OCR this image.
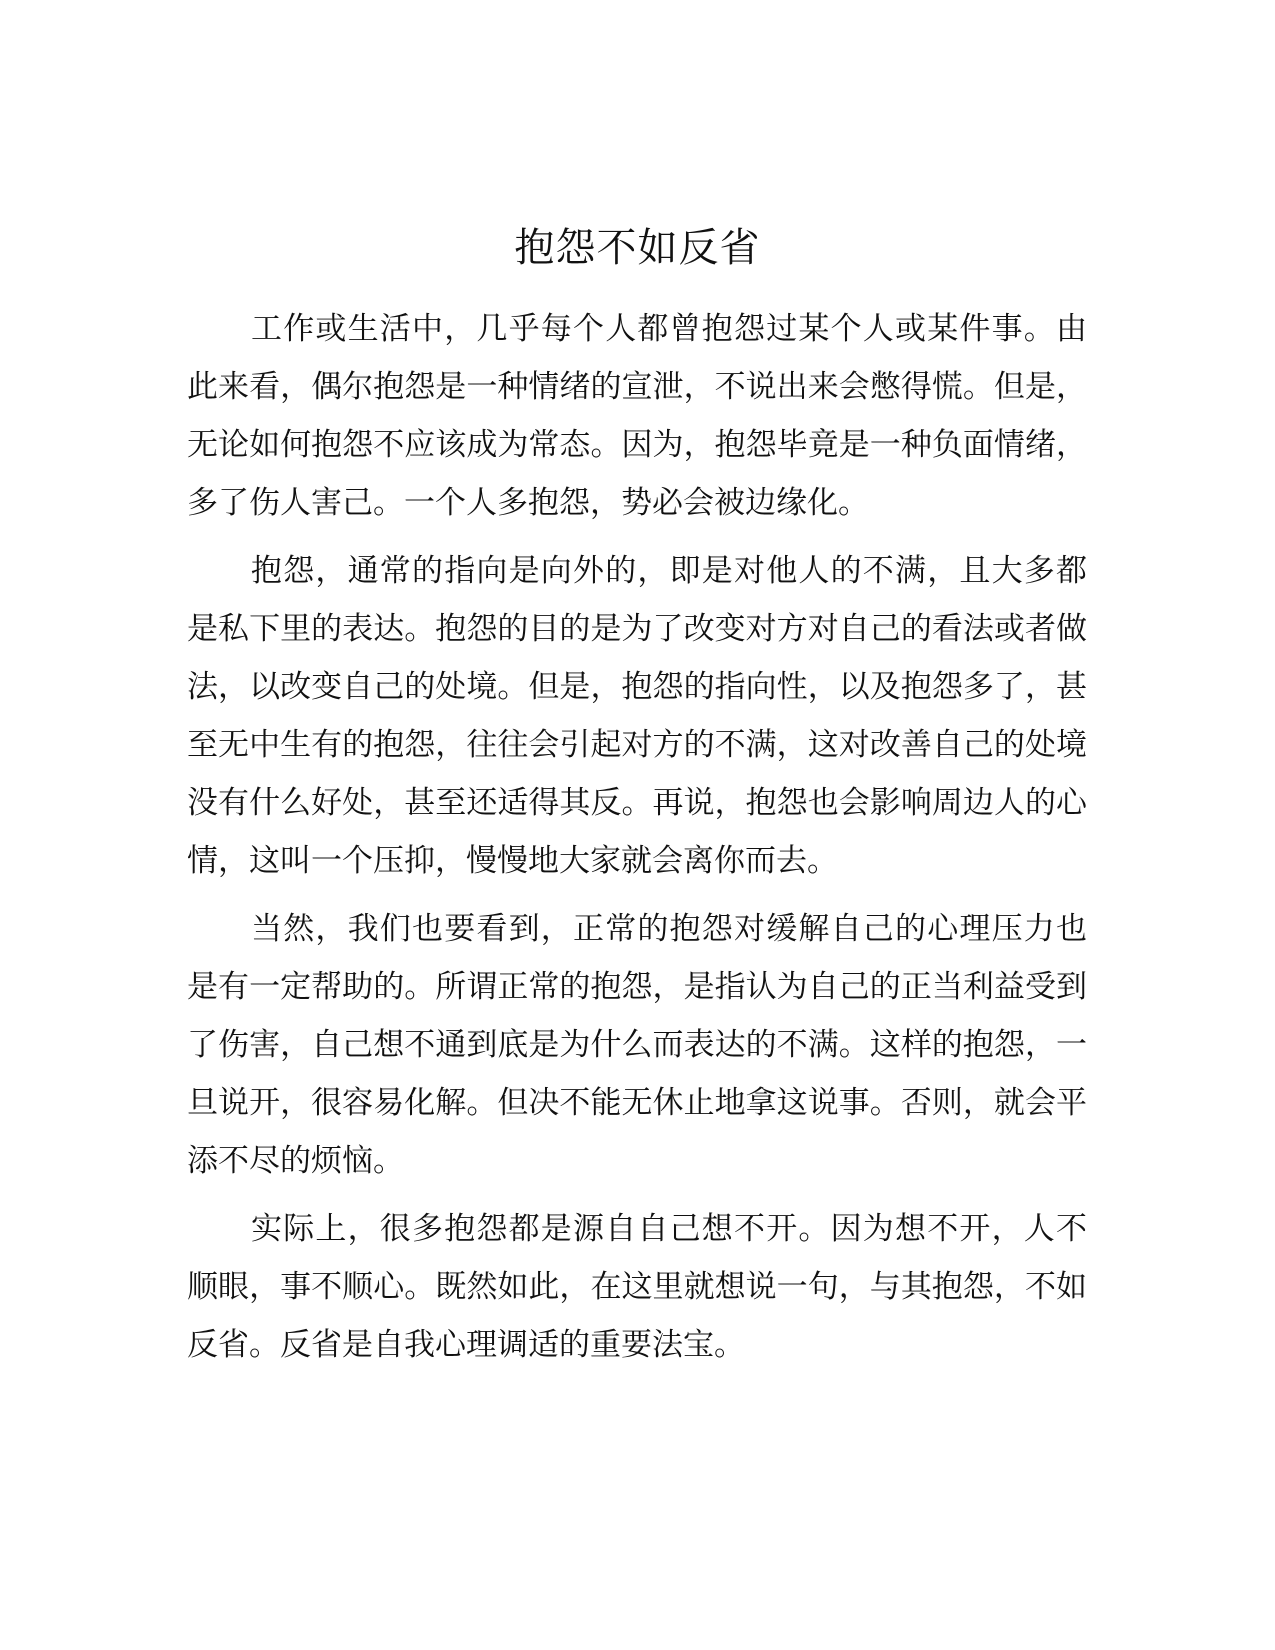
抱怨不如反省

工作或生活中，几乎每个人都曾抱怨过某个人或某件事。由此来看，偶尔抱怨是一种情绪的宣泄，不说出来会憋得慌。但是，无论如何抱怨不应该成为常态。因为，抱怨毕竟是一种负面情绪，多了伤人害己。一个人多抱怨，势必会被边缘化。

抱怨，通常的指向是向外的，即是对他人的不满，且大多都是私下里的表达。抱怨的目的是为了改变对方对自己的看法或者做法，以改变自己的处境。但是，抱怨的指向性，以及抱怨多了，甚至无中生有的抱怨，往往会引起对方的不满，这对改善自己的处境没有什么好处，甚至还适得其反。再说，抱怨也会影响周边人的心情，这叫一个压抑，慢慢地大家就会离你而去。

当然，我们也要看到，正常的抱怨对缓解自己的心理压力也是有一定帮助的。所谓正常的抱怨，是指认为自己的正当利益受到了伤害，自己想不通到底是为什么而表达的不满。这样的抱怨，一旦说开，很容易化解。但决不能无休止地拿这说事。否则，就会平添不尽的烦恼。

实际上，很多抱怨都是源自自己想不开。因为想不开，人不顺眼，事不顺心。既然如此，在这里就想说一句，与其抱怨，不如反省。反省是自我心理调适的重要法宝。
